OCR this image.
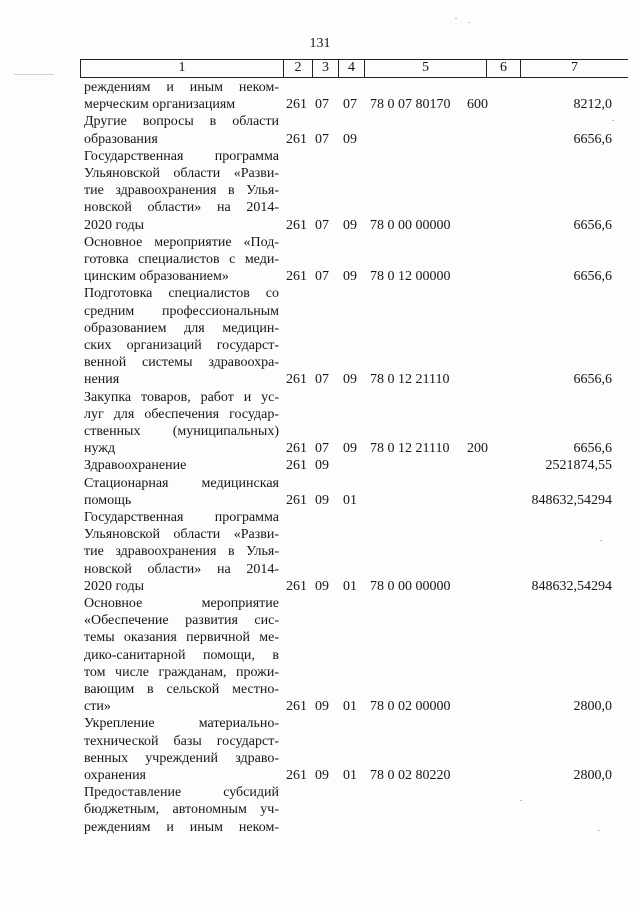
131
1	2	3	4	5	6	7
реждениям и иным неком-
мерческим организациям	261 07 07 78 0 07 80170 600	8212,0
Другие вопросы в области
образования	261 07 09	6656,6
Государственная программа
Ульяновской области «Разви-
тие здравоохранения в Улья-
новской области» на 2014-
2020 годы	261 07 09 78 0 00 00000	6656,6
Основное мероприятие «Под-
готовка специалистов с меди-
цинским образованием»	261 07 09 78 0 12 00000	6656,6
Подготовка специалистов со
средним профессиональным
образованием для медицин-
ских организаций государст-
венной системы здравоохра-
нения	261 07 09 78 0 12 21110	6656,6
Закупка товаров, работ и ус-
луг для обеспечения государ-
ственных (муниципальных)
нужд	261 07 09 78 0 12 21110 200	6656,6
Здравоохранение	261 09	2521874,55
Стационарная медицинская
помощь	261 09 01	848632,54294
Государственная программа
Ульяновской области «Разви-
тие здравоохранения в Улья-
новской области» на 2014-
2020 годы	261 09 01 78 0 00 00000	848632,54294
Основное мероприятие
«Обеспечение развития сис-
темы оказания первичной ме-
дико-санитарной помощи, в
том числе гражданам, прожи-
вающим в сельской местно-
сти»	261 09 01 78 0 02 00000	2800,0
Укрепление материально-
технической базы государст-
венных учреждений здраво-
охранения	261 09 01 78 0 02 80220	2800,0
Предоставление субсидий
бюджетным, автономным уч-
реждениям и иным неком-
